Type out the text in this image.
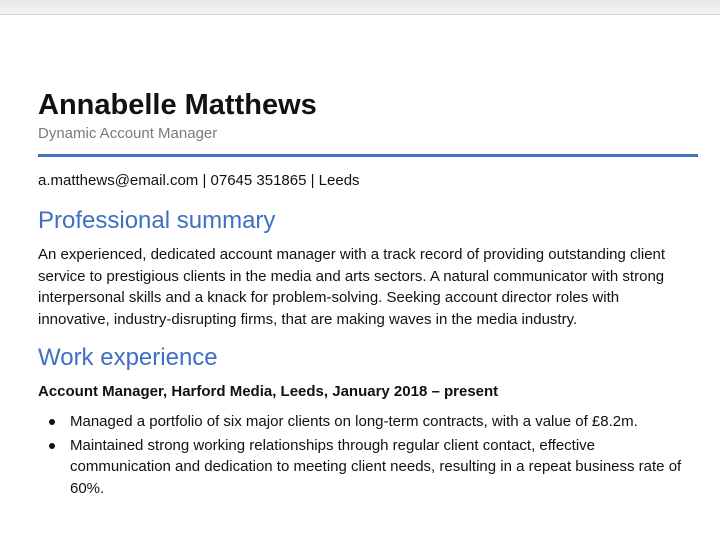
Annabelle Matthews
Dynamic Account Manager
a.matthews@email.com | 07645 351865 | Leeds
Professional summary
An experienced, dedicated account manager with a track record of providing outstanding client service to prestigious clients in the media and arts sectors. A natural communicator with strong interpersonal skills and a knack for problem-solving. Seeking account director roles with innovative, industry-disrupting firms, that are making waves in the media industry.
Work experience
Account Manager, Harford Media, Leeds, January 2018 – present
Managed a portfolio of six major clients on long-term contracts, with a value of £8.2m.
Maintained strong working relationships through regular client contact, effective communication and dedication to meeting client needs, resulting in a repeat business rate of 60%.
